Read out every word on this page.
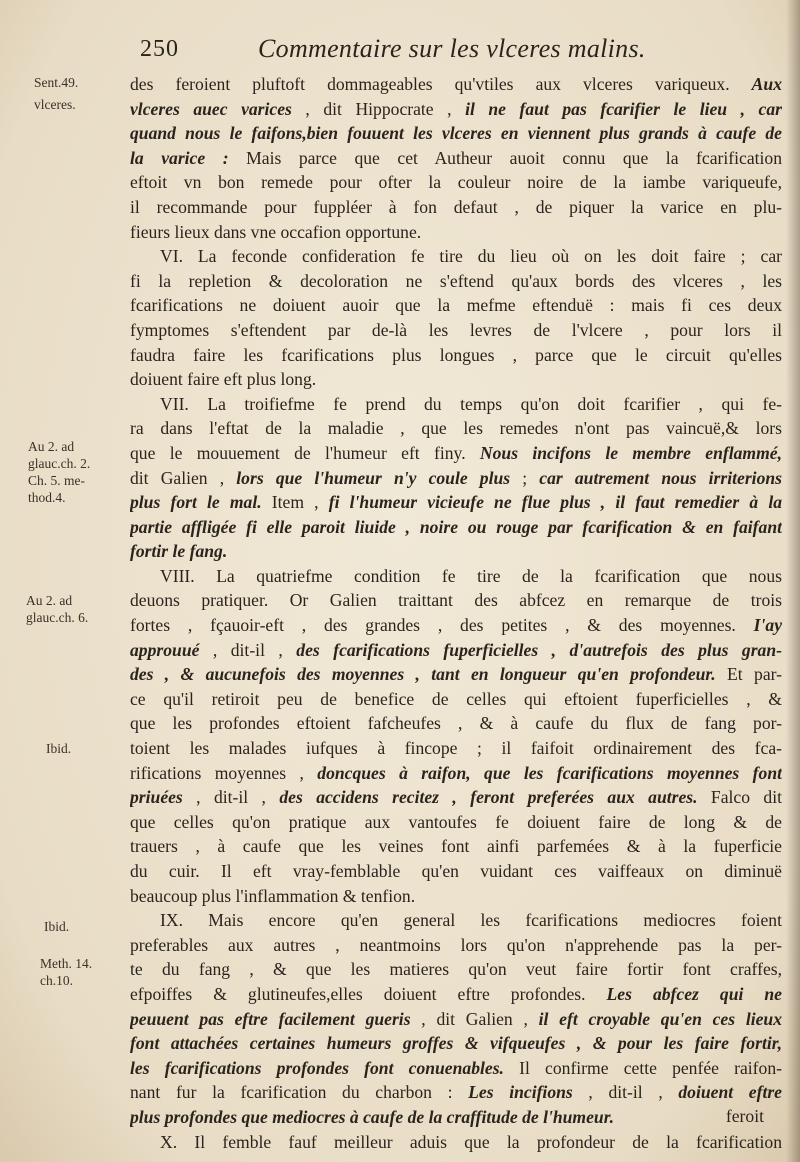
250	Commentaire sur les vlceres malins.
Sent.49.
vlceres.
Au 2. ad
glauc.ch. 2.
Ch. 5. me-
thod.4.
Au 2. ad
glauc.ch. 6.
Ibid.
Ibid.
Meth. 14.
ch.10.
des feroient pluftoft dommageables qu'vtiles aux vlceres variqueux. Aux
vlceres auec varices , dit Hippocrate , il ne faut pas fcarifier le lieu , car
quand nous le faifons,bien fouuent les vlceres en viennent plus grands à caufe de
la varice : Mais parce que cet Autheur auoit connu que la fcarification
eftoit vn bon remede pour ofter la couleur noire de la iambe variqueufe,
il recommande pour fuppléer à fon defaut , de piquer la varice en plu-
fieurs lieux dans vne occafion opportune.
VI. La feconde confideration fe tire du lieu où on les doit faire ; car
fi la repletion & decoloration ne s'eftend qu'aux bords des vlceres , les
fcarifications ne doiuent auoir que la mefme eftenduë : mais fi ces deux
fymptomes s'eftendent par de-là les levres de l'vlcere , pour lors il
faudra faire les fcarifications plus longues , parce que le circuit qu'elles
doiuent faire eft plus long.
VII. La troifiefme fe prend du temps qu'on doit fcarifier , qui fe-
ra dans l'eftat de la maladie , que les remedes n'ont pas vaincuë,& lors
que le mouuement de l'humeur eft finy. Nous incifons le membre enflammé,
dit Galien , lors que l'humeur n'y coule plus ; car autrement nous irriterions
plus fort le mal. Item , fi l'humeur vicieufe ne flue plus , il faut remedier à la
partie affligée fi elle paroit liuide , noire ou rouge par fcarification & en faifant
fortir le fang.
VIII. La quatriefme condition fe tire de la fcarification que nous
deuons pratiquer. Or Galien traittant des abfcez en remarque de trois
fortes , fçauoir-eft , des grandes , des petites , & des moyennes. I'ay
approuué , dit-il , des fcarifications fuperficielles , d'autrefois des plus gran-
des , & aucunefois des moyennes , tant en longueur qu'en profondeur. Et par-
ce qu'il retiroit peu de benefice de celles qui eftoient fuperficielles , &
que les profondes eftoient fafcheufes , & à caufe du flux de fang por-
toient les malades iufques à fincope ; il faifoit ordinairement des fca-
rifications moyennes , doncques à raifon, que les fcarifications moyennes font
priuées , dit-il , des accidens recitez , feront preferées aux autres. Falco dit
que celles qu'on pratique aux vantoufes fe doiuent faire de long & de
trauers , à caufe que les veines font ainfi parfemées & à la fuperficie
du cuir. Il eft vray-femblable qu'en vuidant ces vaiffeaux on diminuë
beaucoup plus l'inflammation & tenfion.
IX. Mais encore qu'en general les fcarifications mediocres foient
preferables aux autres , neantmoins lors qu'on n'apprehende pas la per-
te du fang , & que les matieres qu'on veut faire fortir font craffes,
efpoiffes & glutineufes,elles doiuent eftre profondes. Les abfcez qui ne
peuuent pas eftre facilement gueris , dit Galien , il eft croyable qu'en ces lieux
font attachées certaines humeurs groffes & vifqueufes , & pour les faire fortir,
les fcarifications profondes font conuenables. Il confirme cette penfée raifon-
nant fur la fcarification du charbon : Les incifions , dit-il , doiuent eftre
plus profondes que mediocres à caufe de la craffitude de l'humeur.
X. Il femble fauf meilleur aduis que la profondeur de la fcarification
feroit
